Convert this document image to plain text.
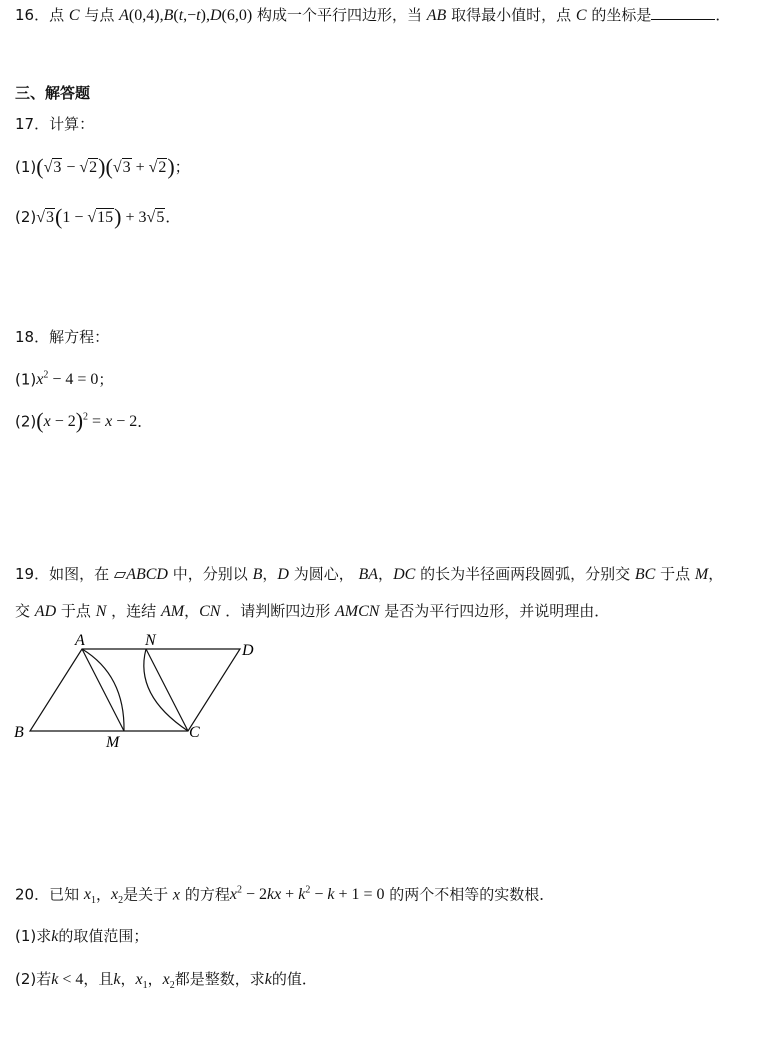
16．点 C 与点 A(0,4),B(t,−t),D(6,0) 构成一个平行四边形，当 AB 取得最小值时，点 C 的坐标是	．
三、解答题
17．计算：
(1)(√3 − √2)(√3 + √2)；
(2)√3(1 − √15) + 3√5．
18．解方程：
$(1)x^2 - 4 = 0$；
$(2)(x - 2)^2 = x - 2$．
19．如图，在 ▱ABCD 中，分别以 B，D 为圆心， BA，DC 的长为半径画两段圆弧，分别交 BC 于点 M，
交 AD 于点 N ，连结 AM，CN ．请判断四边形 AMCN 是否为平行四边形，并说明理由．
A	N
D
B
M
C
20．已知 $x_1$，$x_2$是关于 x 的方程$x^2 - 2kx + k^2 - k + 1 = 0$ 的两个不相等的实数根．
(1)求k的取值范围；
(2)若k < 4，且k，$x_1$，$x_2$都是整数，求k的值．
